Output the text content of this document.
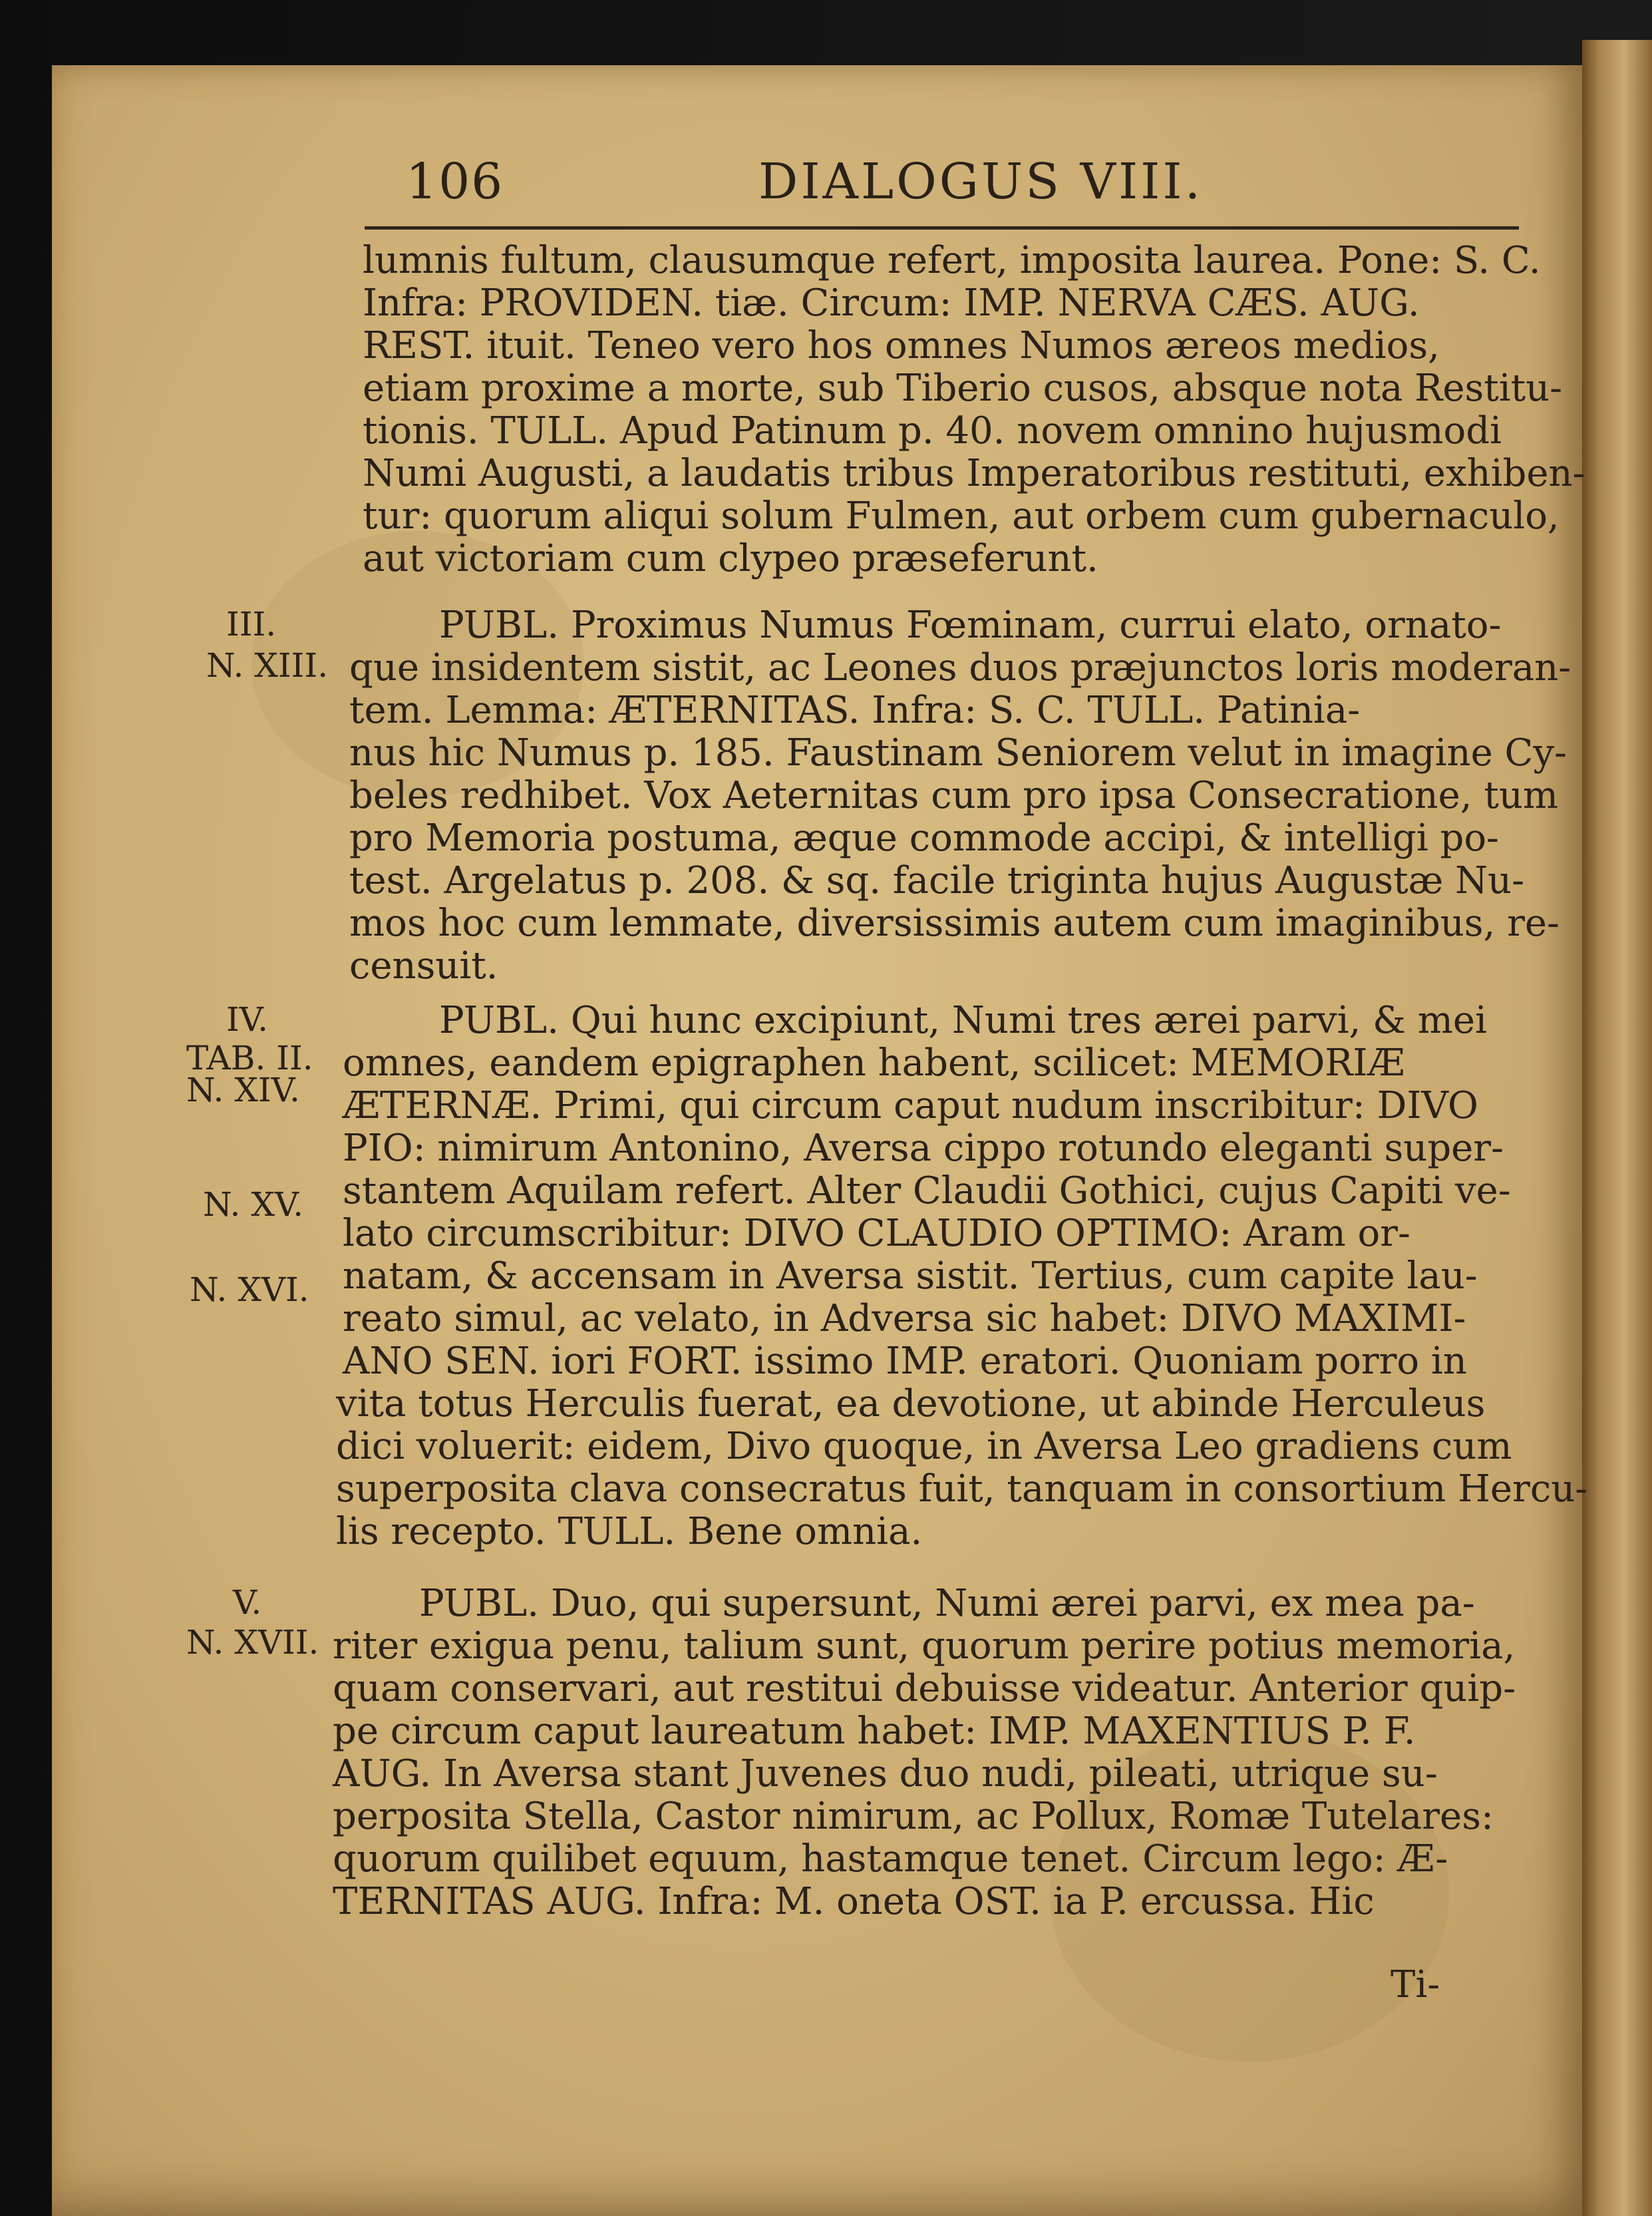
106	DIALOGUS VIII.
III.
N. XIII.
IV.
TAB. II.
N. XIV.
N. XV.
N. XVI.
V.
N. XVII.
lumnis fultum, clausumque refert, imposita laurea. Pone: S. C.
Infra: PROVIDEN. tiæ. Circum: IMP. NERVA CÆS. AUG.
REST. ituit. Teneo vero hos omnes Numos æreos medios,
etiam proxime a morte, sub Tiberio cusos, absque nota Restitu-
tionis. TULL. Apud Patinum p. 40. novem omnino hujusmodi
Numi Augusti, a laudatis tribus Imperatoribus restituti, exhiben-
tur: quorum aliqui solum Fulmen, aut orbem cum gubernaculo,
aut victoriam cum clypeo præseferunt.
PUBL. Proximus Numus Fœminam, currui elato, ornato-
que insidentem sistit, ac Leones duos præjunctos loris moderan-
tem. Lemma: ÆTERNITAS. Infra: S. C. TULL. Patinia-
nus hic Numus p. 185. Faustinam Seniorem velut in imagine Cy-
beles redhibet. Vox Aeternitas cum pro ipsa Consecratione, tum
pro Memoria postuma, æque commode accipi, & intelligi po-
test. Argelatus p. 208. & sq. facile triginta hujus Augustæ Nu-
mos hoc cum lemmate, diversissimis autem cum imaginibus, re-
censuit.
PUBL. Qui hunc excipiunt, Numi tres ærei parvi, & mei
omnes, eandem epigraphen habent, scilicet: MEMORIÆ
ÆTERNÆ. Primi, qui circum caput nudum inscribitur: DIVO
PIO: nimirum Antonino, Aversa cippo rotundo eleganti super-
stantem Aquilam refert. Alter Claudii Gothici, cujus Capiti ve-
lato circumscribitur: DIVO CLAUDIO OPTIMO: Aram or-
natam, & accensam in Aversa sistit. Tertius, cum capite lau-
reato simul, ac velato, in Adversa sic habet: DIVO MAXIMI-
ANO SEN. iori FORT. issimo IMP. eratori. Quoniam porro in
vita totus Herculis fuerat, ea devotione, ut abinde Herculeus
dici voluerit: eidem, Divo quoque, in Aversa Leo gradiens cum
superposita clava consecratus fuit, tanquam in consortium Hercu-
lis recepto. TULL. Bene omnia.
PUBL. Duo, qui supersunt, Numi ærei parvi, ex mea pa-
riter exigua penu, talium sunt, quorum perire potius memoria,
quam conservari, aut restitui debuisse videatur. Anterior quip-
pe circum caput laureatum habet: IMP. MAXENTIUS P. F.
AUG. In Aversa stant Juvenes duo nudi, pileati, utrique su-
perposita Stella, Castor nimirum, ac Pollux, Romæ Tutelares:
quorum quilibet equum, hastamque tenet. Circum lego: Æ-
TERNITAS AUG. Infra: M. oneta OST. ia P. ercussa. Hic
Ti-
